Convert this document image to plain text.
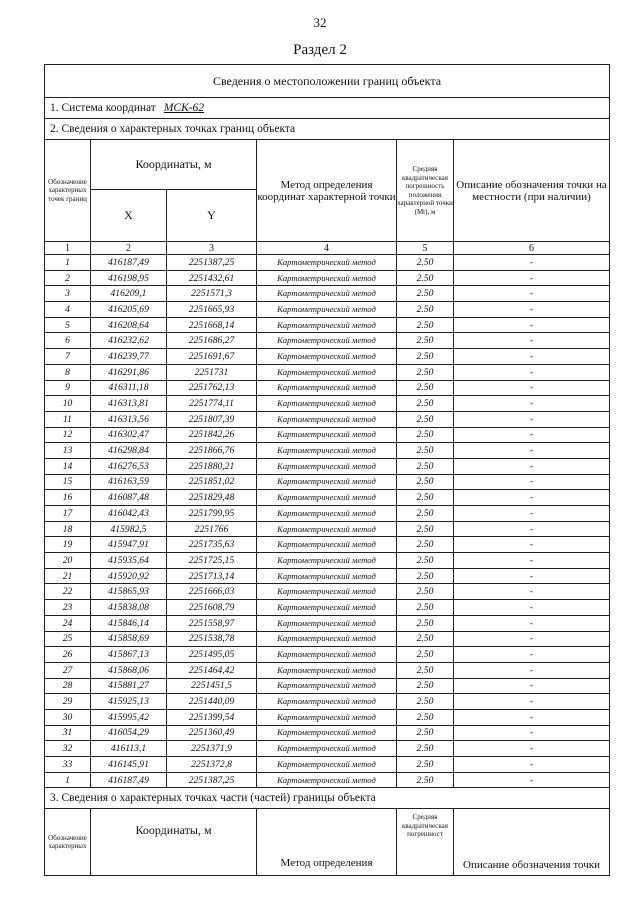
32
Раздел 2
Сведения о местоположении границ объекта					
1. Система координат МСК-62					
2. Сведения о характерных точках границ объекта					
Обозначение характерных точек границ	Координаты, м		Метод определения координат характерной точки	Средняя квадратическая погрешность положения характерной точки (Mt), м	Описание обозначения точки на местности (при наличии)
	X	Y			
1	2	3	4	5	6
1	416187,49	2251387,25	Картометрический метод	2.50	-
2	416198,95	2251432,61	Картометрический метод	2.50	-
3	416209,1	2251571,3	Картометрический метод	2.50	-
4	416205,69	2251665,93	Картометрический метод	2.50	-
5	416208,64	2251668,14	Картометрический метод	2.50	-
6	416232,62	2251686,27	Картометрический метод	2.50	-
7	416239,77	2251691,67	Картометрический метод	2.50	-
8	416291,86	2251731	Картометрический метод	2.50	-
9	416311,18	2251762,13	Картометрический метод	2.50	-
10	416313,81	2251774,11	Картометрический метод	2.50	-
11	416313,56	2251807,39	Картометрический метод	2.50	-
12	416302,47	2251842,26	Картометрический метод	2.50	-
13	416298,84	2251866,76	Картометрический метод	2.50	-
14	416276,53	2251880,21	Картометрический метод	2.50	-
15	416163,59	2251851,02	Картометрический метод	2.50	-
16	416087,48	2251829,48	Картометрический метод	2.50	-
17	416042,43	2251799,95	Картометрический метод	2.50	-
18	415982,5	2251766	Картометрический метод	2.50	-
19	415947,91	2251735,63	Картометрический метод	2.50	-
20	415935,64	2251725,15	Картометрический метод	2.50	-
21	415920,92	2251713,14	Картометрический метод	2.50	-
22	415865,93	2251666,03	Картометрический метод	2.50	-
23	415838,08	2251608,79	Картометрический метод	2.50	-
24	415846,14	2251558,97	Картометрический метод	2.50	-
25	415858,69	2251538,78	Картометрический метод	2.50	-
26	415867,13	2251495,05	Картометрический метод	2.50	-
27	415868,06	2251464,42	Картометрический метод	2.50	-
28	415881,27	2251451,5	Картометрический метод	2.50	-
29	415925,13	2251440,09	Картометрический метод	2.50	-
30	415995,42	2251399,54	Картометрический метод	2.50	-
31	416054,29	2251360,49	Картометрический метод	2.50	-
32	416113,1	2251371,9	Картометрический метод	2.50	-
33	416145,91	2251372,8	Картометрический метод	2.50	-
1	416187,49	2251387,25	Картометрический метод	2.50	-
3. Сведения о характерных точках части (частей) границы объекта					
Обозначение характерных	Координаты, м		Метод определения	Средняя квадратическая погрешност	Описание обозначения точки
